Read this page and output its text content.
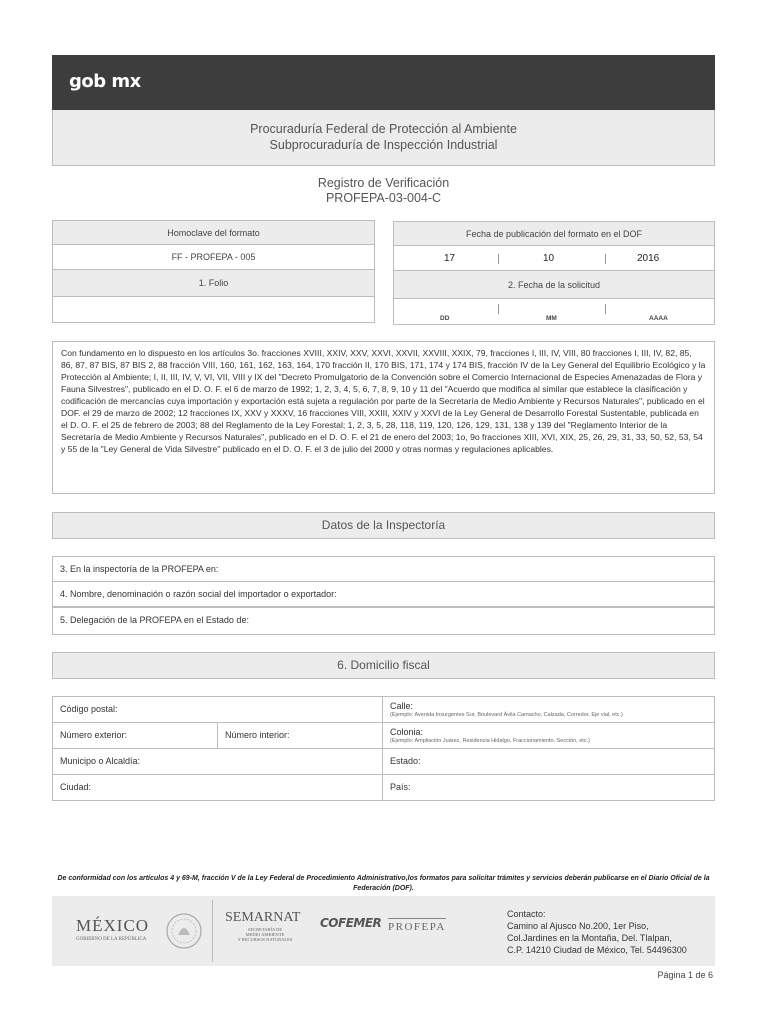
gob mx
Procuraduría Federal de Protección al Ambiente
Subprocuraduría de Inspección Industrial
Registro de Verificación
PROFEPA-03-004-C
Homoclave del formato
FF - PROFEPA - 005
1. Folio
Fecha de publicación del formato en el DOF
17	10	2016
2. Fecha de la solicitud
DD	MM	AAAA
Con fundamento en lo dispuesto en los artículos 3o. fracciones XVIII, XXIV, XXV, XXVI, XXVII, XXVIII, XXIX, 79, fracciones I, III, IV, VIII, 80 fracciones I, III, IV, 82, 85, 86, 87, 87 BIS, 87 BIS 2, 88 fracción VIII, 160, 161, 162, 163, 164, 170 fracción II, 170 BIS, 171, 174 y 174 BIS, fracción IV de la Ley General del Equilibrio Ecológico y la Protección al Ambiente; I, II, III, IV, V, VI, VII, VIII y IX del "Decreto Promulgatorio de la Convención sobre el Comercio Internacional de Especies Amenazadas de Flora y Fauna Silvestres", publicado en el D. O. F. el 6 de marzo de 1992; 1, 2, 3, 4, 5, 6, 7, 8, 9, 10 y 11 del "Acuerdo que modifica al similar que establece la clasificación y codificación de mercancías cuya importación y exportación está sujeta a regulación por parte de la Secretaría de Medio Ambiente y Recursos Naturales", publicado en el DOF. el 29 de marzo de 2002; 12 fracciones IX, XXV y XXXV, 16 fracciones VIII, XXIII, XXIV y XXVI de la Ley General de Desarrollo Forestal Sustentable, publicada en el D. O. F. el 25 de febrero de 2003; 88 del Reglamento de la Ley Forestal; 1, 2, 3, 5, 28, 118, 119, 120, 126, 129, 131, 138 y 139 del "Reglamento Interior de la Secretaría de Medio Ambiente y Recursos Naturales", publicado en el D. O. F. el 21 de enero del 2003; 1o, 9o fracciones XIII, XVI, XIX, 25, 26, 29, 31, 33, 50, 52, 53, 54 y 55 de la "Ley General de Vida Silvestre" publicado en el D. O. F. el 3 de julio del 2000 y otras normas y regulaciones aplicables.
Datos de la Inspectoría
3. En la inspectoría de la PROFEPA en:
4. Nombre, denominación o razón social del importador o exportador:
5. Delegación de la PROFEPA en el Estado de:
6. Domicilio fiscal
Código postal:	Calle:
(Ejemplo: Avenida Insurgentes Sur, Boulevard Ávila Camacho, Calzada, Corredor, Eje vial, etc.)
Número exterior:	Número interior:	Colonia:
(Ejemplo: Ampliación Juárez, Residencia Hidalgo, Fraccionamiento, Sección, etc.)
Municipo o Alcaldía:	Estado:
Ciudad:	País:
De conformidad con los artículos 4 y 69-M, fracción V de la Ley Federal de Procedimiento Administrativo,los formatos para solicitar trámites y servicios deberán publicarse en el Diario Oficial de la Federación (DOF).
MÉXICO
GOBIERNO DE LA REPÚBLICA
SEMARNAT
SECRETARÍA DE
MEDIO AMBIENTE
Y RECURSOS NATURALES
COFEMER PROFEPA
Contacto:
Camino al Ajusco No.200, 1er Piso,
Col.Jardines en la Montaña, Del. Tlalpan,
C.P. 14210 Ciudad de México, Tel. 54496300
Página 1 de 6
